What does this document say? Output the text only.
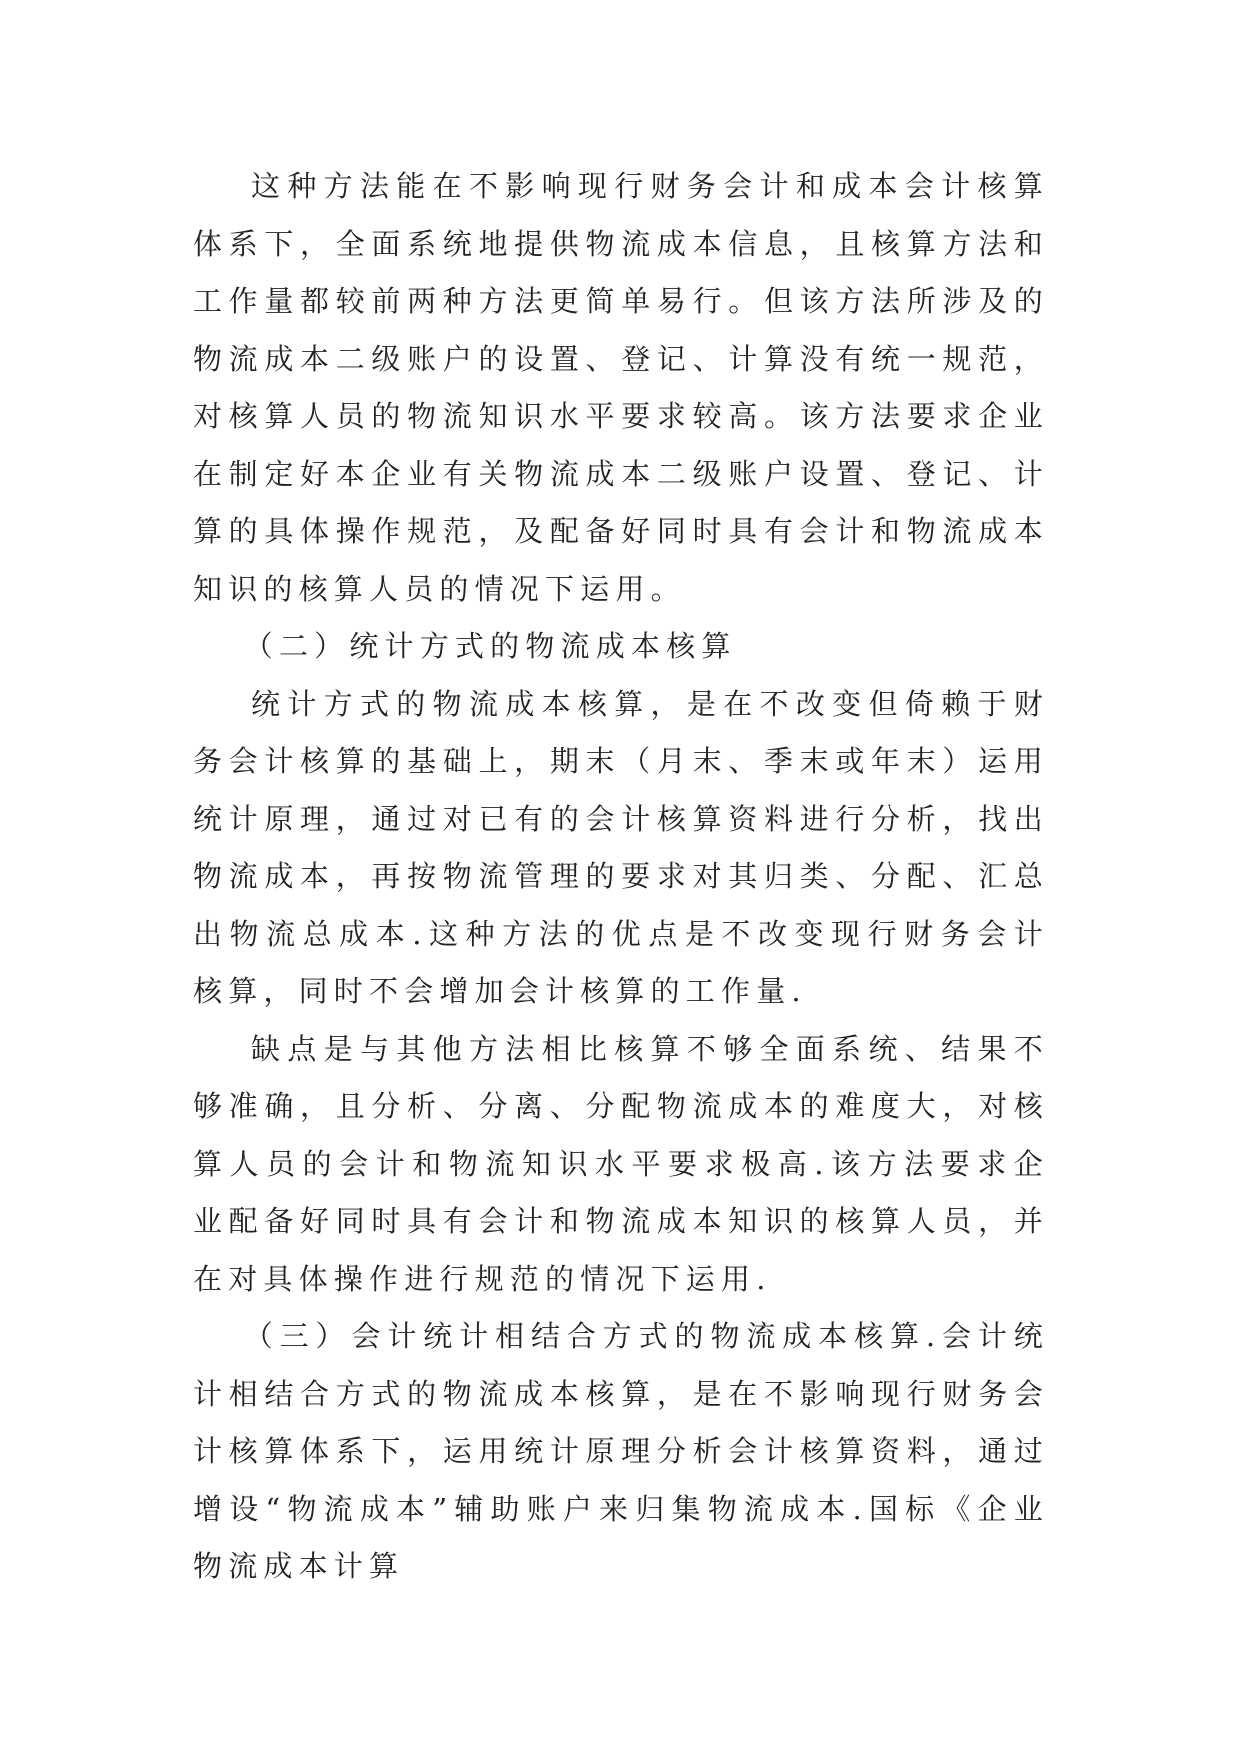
这种方法能在不影响现行财务会计和成本会计核算体系下，全面系统地提供物流成本信息，且核算方法和工作量都较前两种方法更简单易行。但该方法所涉及的物流成本二级账户的设置、登记、计算没有统一规范，对核算人员的物流知识水平要求较高。该方法要求企业在制定好本企业有关物流成本二级账户设置、登记、计算的具体操作规范，及配备好同时具有会计和物流成本知识的核算人员的情况下运用。

（二）统计方式的物流成本核算

统计方式的物流成本核算，是在不改变但倚赖于财务会计核算的基础上，期末（月末、季末或年末）运用统计原理，通过对已有的会计核算资料进行分析，找出物流成本，再按物流管理的要求对其归类、分配、汇总出物流总成本.这种方法的优点是不改变现行财务会计核算，同时不会增加会计核算的工作量.

缺点是与其他方法相比核算不够全面系统、结果不够准确，且分析、分离、分配物流成本的难度大，对核算人员的会计和物流知识水平要求极高.该方法要求企业配备好同时具有会计和物流成本知识的核算人员，并在对具体操作进行规范的情况下运用.

（三）会计统计相结合方式的物流成本核算.会计统计相结合方式的物流成本核算，是在不影响现行财务会计核算体系下，运用统计原理分析会计核算资料，通过增设“物流成本”辅助账户来归集物流成本.国标《企业物流成本计算
